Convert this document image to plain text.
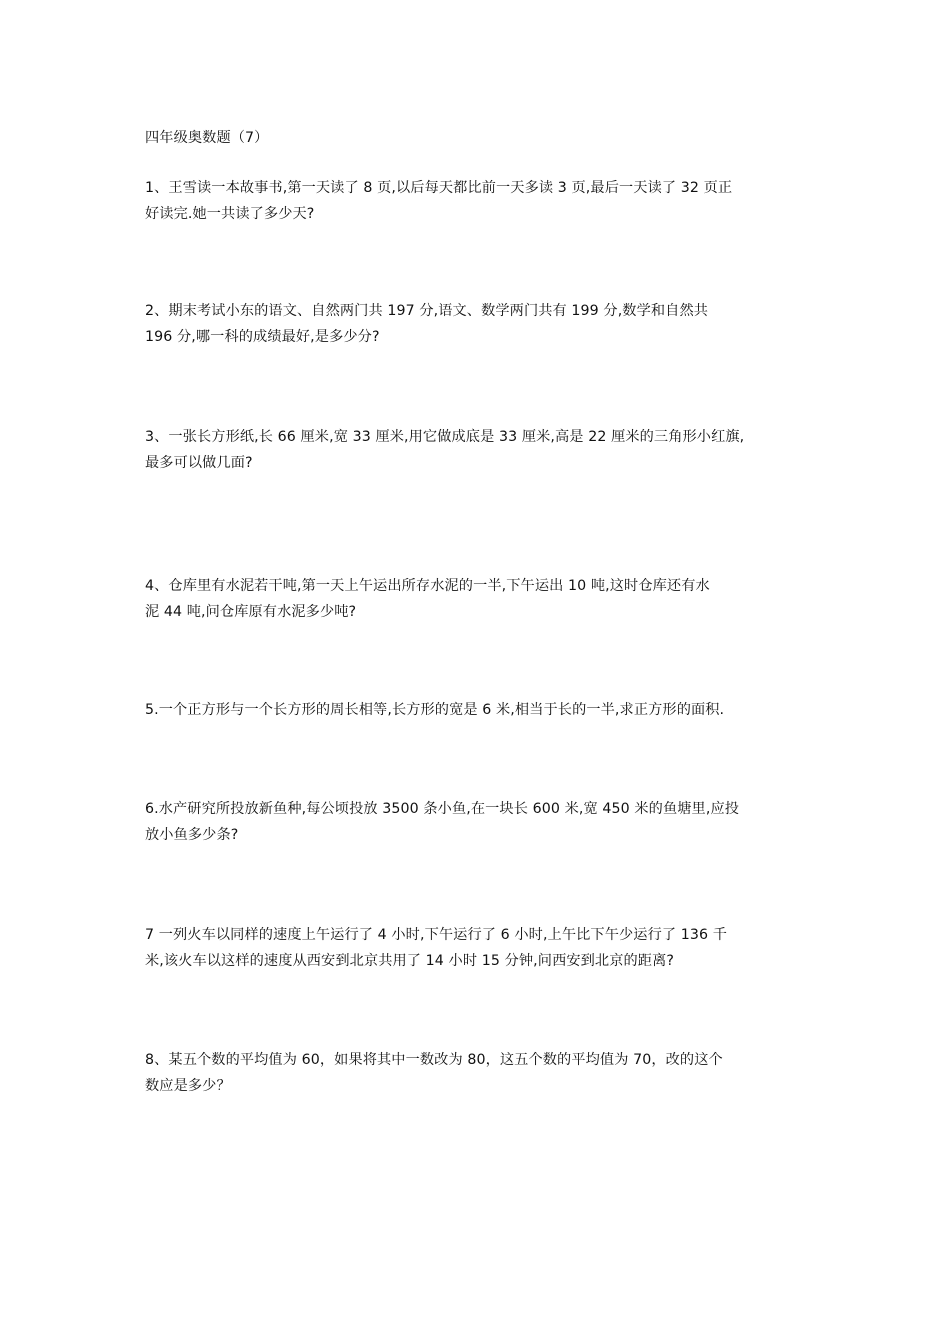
四年级奥数题（7）

1、王雪读一本故事书,第一天读了 8 页,以后每天都比前一天多读 3 页,最后一天读了 32 页正

好读完.她一共读了多少天?

2、期末考试小东的语文、自然两门共 197 分,语文、数学两门共有 199 分,数学和自然共

196 分,哪一科的成绩最好,是多少分?

3、一张长方形纸,长 66 厘米,宽 33 厘米,用它做成底是 33 厘米,高是 22 厘米的三角形小红旗,

最多可以做几面?

4、仓库里有水泥若干吨,第一天上午运出所存水泥的一半,下午运出 10 吨,这时仓库还有水

泥 44 吨,问仓库原有水泥多少吨?

5.一个正方形与一个长方形的周长相等,长方形的宽是 6 米,相当于长的一半,求正方形的面积.

6.水产研究所投放新鱼种,每公顷投放 3500 条小鱼,在一块长 600 米,宽 450 米的鱼塘里,应投

放小鱼多少条?

7 一列火车以同样的速度上午运行了 4 小时,下午运行了 6 小时,上午比下午少运行了 136 千

米,该火车以这样的速度从西安到北京共用了 14 小时 15 分钟,问西安到北京的距离?

8、某五个数的平均值为 60，如果将其中一数改为 80，这五个数的平均值为 70，改的这个

数应是多少？
